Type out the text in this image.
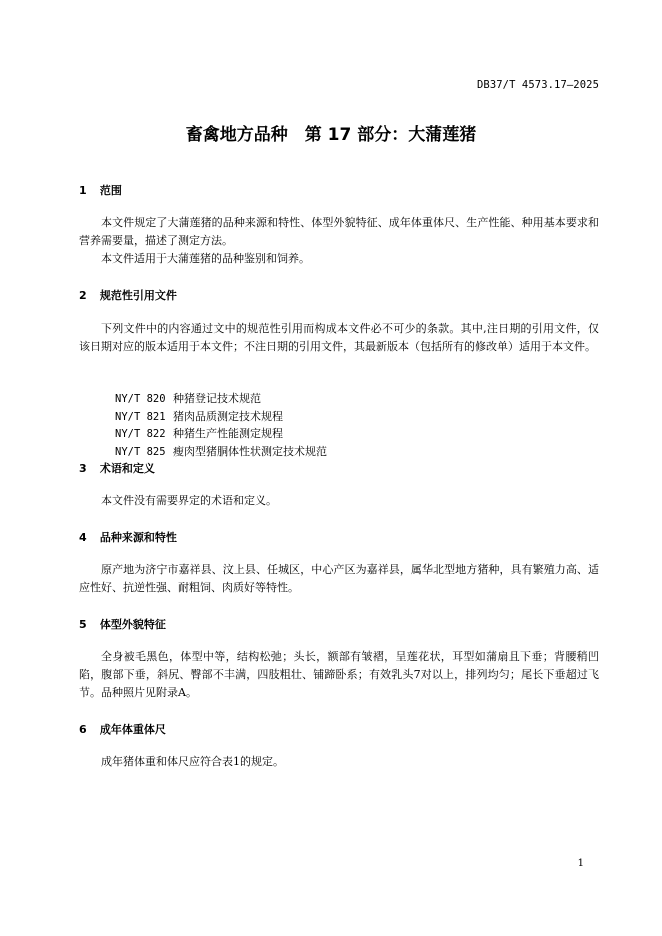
DB37/T 4573.17—2025
畜禽地方品种　第 17 部分：大蒲莲猪
1 范围
本文件规定了大蒲莲猪的品种来源和特性、体型外貌特征、成年体重体尺、生产性能、种用基本要求和营养需要量，描述了测定方法。
本文件适用于大蒲莲猪的品种鉴别和饲养。
2 规范性引用文件
下列文件中的内容通过文中的规范性引用而构成本文件必不可少的条款。其中,注日期的引用文件，仅该日期对应的版本适用于本文件；不注日期的引用文件，其最新版本（包括所有的修改单）适用于本文件。

NY/T 820 种猪登记技术规范

NY/T 821 猪肉品质测定技术规程

NY/T 822 种猪生产性能测定规程

NY/T 825 瘦肉型猪胴体性状测定技术规范

3 术语和定义
本文件没有需要界定的术语和定义。
4 品种来源和特性
原产地为济宁市嘉祥县、汶上县、任城区，中心产区为嘉祥县，属华北型地方猪种，具有繁殖力高、适应性好、抗逆性强、耐粗饲、肉质好等特性。
5 体型外貌特征
全身被毛黑色，体型中等，结构松弛；头长，额部有皱褶，呈莲花状，耳型如蒲扇且下垂；背腰稍凹陷，腹部下垂，斜尻、臀部不丰满，四肢粗壮、铺蹄卧系；有效乳头7对以上，排列均匀；尾长下垂超过飞节。品种照片见附录A。
6 成年体重体尺
成年猪体重和体尺应符合表1的规定。
1
